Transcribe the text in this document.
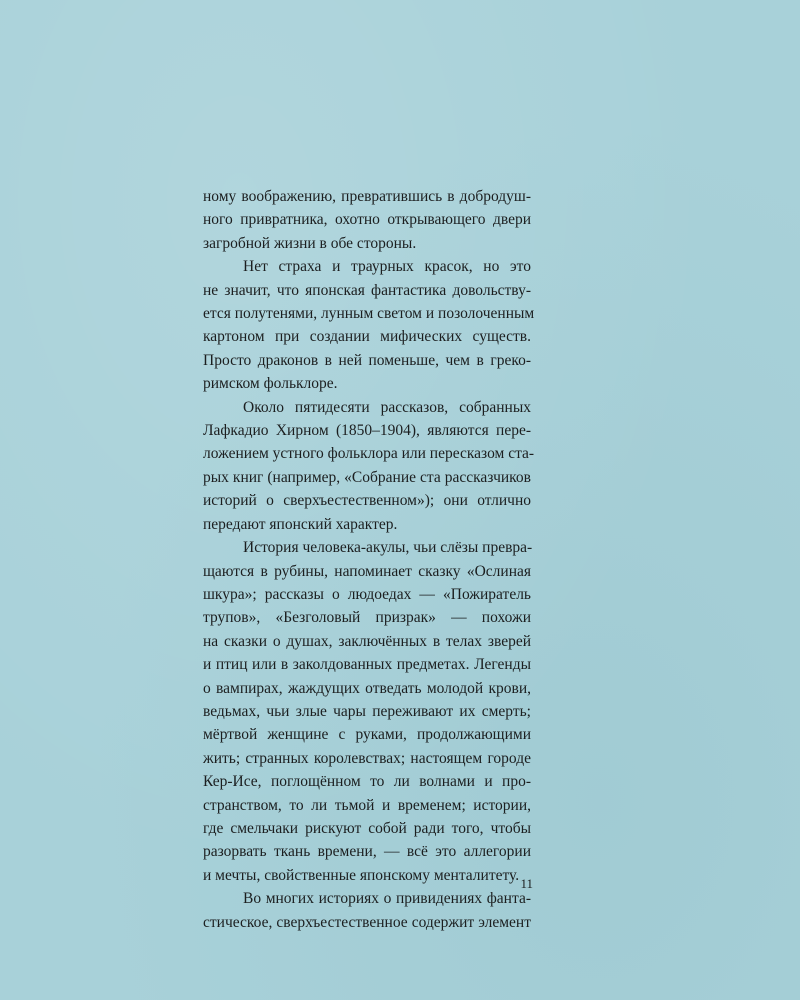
ному воображению, превратившись в добродуш-
ного привратника, охотно открывающего двери
загробной жизни в обе стороны.
Нет страха и траурных красок, но это
не значит, что японская фантастика довольству-
ется полутенями, лунным светом и позолоченным
картоном при создании мифических существ.
Просто драконов в ней поменьше, чем в греко-
римском фольклоре.
Около пятидесяти рассказов, собранных
Лафкадио Хирном (1850–1904), являются пере-
ложением устного фольклора или пересказом ста-
рых книг (например, «Собрание ста рассказчиков
историй о сверхъестественном»); они отлично
передают японский характер.
История человека-акулы, чьи слёзы превра-
щаются в рубины, напоминает сказку «Ослиная
шкура»; рассказы о людоедах — «Пожиратель
трупов», «Безголовый призрак» — похожи
на сказки о душах, заключённых в телах зверей
и птиц или в заколдованных предметах. Легенды
о вампирах, жаждущих отведать молодой крови,
ведьмах, чьи злые чары переживают их смерть;
мёртвой женщине с руками, продолжающими
жить; странных королевствах; настоящем городе
Кер-Исе, поглощённом то ли волнами и про-
странством, то ли тьмой и временем; истории,
где смельчаки рискуют собой ради того, чтобы
разорвать ткань времени, — всё это аллегории
и мечты, свойственные японскому менталитету.
Во многих историях о привидениях фанта-
стическое, сверхъестественное содержит элемент
11
